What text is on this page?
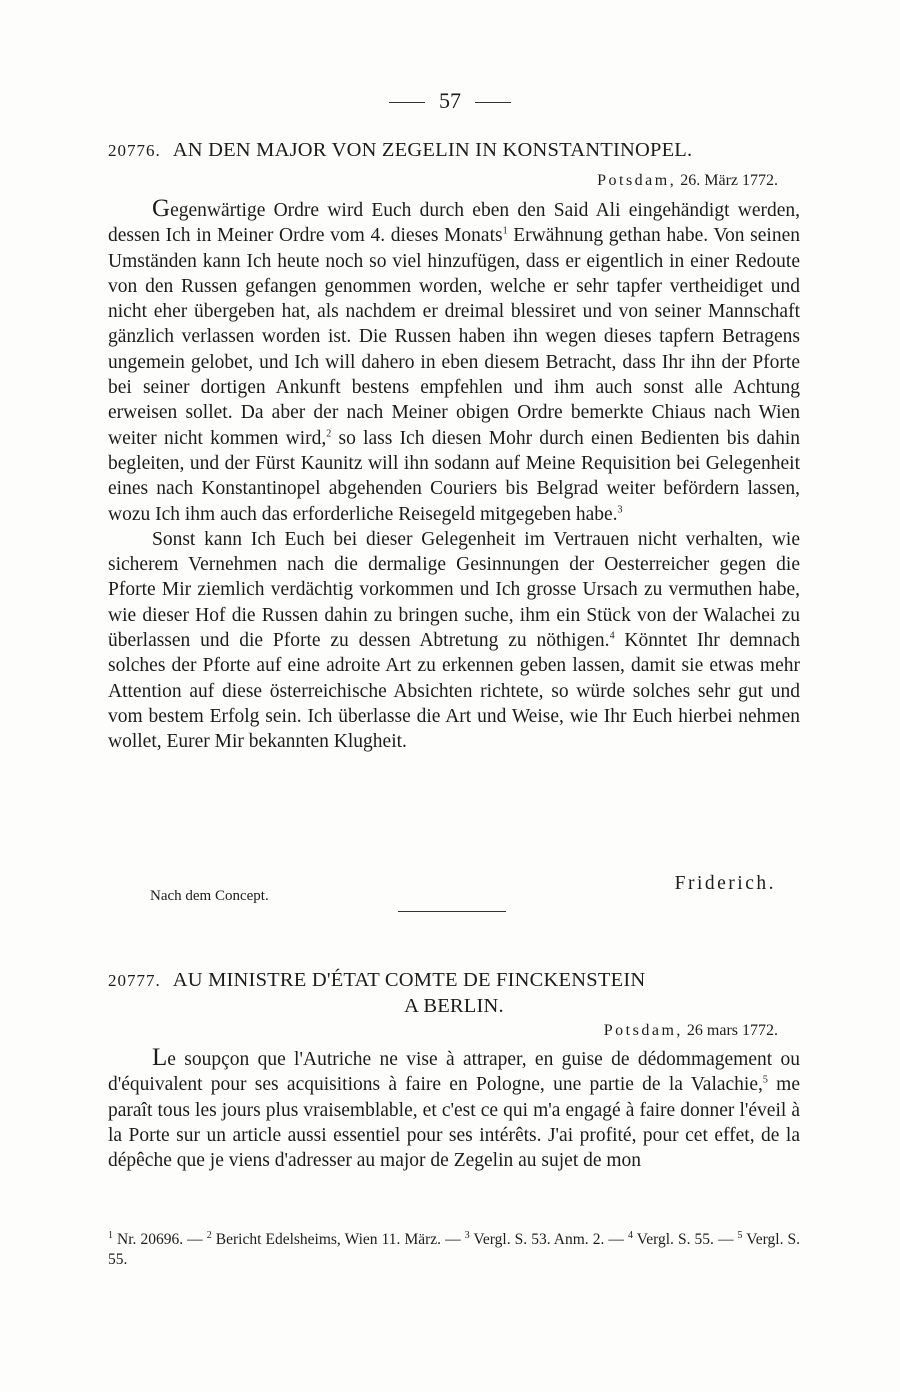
57
20776. AN DEN MAJOR VON ZEGELIN IN KONSTANTINOPEL.
Potsdam, 26. März 1772.

Gegenwärtige Ordre wird Euch durch eben den Said Ali eingehändigt werden, dessen Ich in Meiner Ordre vom 4. dieses Monats$^1$ Erwähnung gethan habe. Von seinen Umständen kann Ich heute noch so viel hinzufügen, dass er eigentlich in einer Redoute von den Russen gefangen genommen worden, welche er sehr tapfer vertheidiget und nicht eher übergeben hat, als nachdem er dreimal blessiret und von seiner Mannschaft gänzlich verlassen worden ist. Die Russen haben ihn wegen dieses tapfern Betragens ungemein gelobet, und Ich will dahero in eben diesem Betracht, dass Ihr ihn der Pforte bei seiner dortigen Ankunft bestens empfehlen und ihm auch sonst alle Achtung erweisen sollet. Da aber der nach Meiner obigen Ordre bemerkte Chiaus nach Wien weiter nicht kommen wird,$^2$ so lass Ich diesen Mohr durch einen Bedienten bis dahin begleiten, und der Fürst Kaunitz will ihn sodann auf Meine Requisition bei Gelegenheit eines nach Konstantinopel abgehenden Couriers bis Belgrad weiter befördern lassen, wozu Ich ihm auch das erforderliche Reisegeld mitgegeben habe.$^3$

Sonst kann Ich Euch bei dieser Gelegenheit im Vertrauen nicht verhalten, wie sicherem Vernehmen nach die dermalige Gesinnungen der Oesterreicher gegen die Pforte Mir ziemlich verdächtig vorkommen und Ich grosse Ursach zu vermuthen habe, wie dieser Hof die Russen dahin zu bringen suche, ihm ein Stück von der Walachei zu überlassen und die Pforte zu dessen Abtretung zu nöthigen.$^4$ Könntet Ihr demnach solches der Pforte auf eine adroite Art zu erkennen geben lassen, damit sie etwas mehr Attention auf diese österreichische Absichten richtete, so würde solches sehr gut und vom bestem Erfolg sein. Ich überlasse die Art und Weise, wie Ihr Euch hierbei nehmen wollet, Eurer Mir bekannten Klugheit.

Friderich.
Nach dem Concept.
20777. AU MINISTRE D'ÉTAT COMTE DE FINCKENSTEIN
A BERLIN.
Potsdam, 26 mars 1772.

Le soupçon que l'Autriche ne vise à attraper, en guise de dédommagement ou d'équivalent pour ses acquisitions à faire en Pologne, une partie de la Valachie,$^5$ me paraît tous les jours plus vraisemblable, et c'est ce qui m'a engagé à faire donner l'éveil à la Porte sur un article aussi essentiel pour ses intérêts. J'ai profité, pour cet effet, de la dépêche que je viens d'adresser au major de Zegelin au sujet de mon

$^1$ Nr. 20696. — $^2$ Bericht Edelsheims, Wien 11. März. — $^3$ Vergl. S. 53. Anm. 2. — $^4$ Vergl. S. 55. — $^5$ Vergl. S. 55.
